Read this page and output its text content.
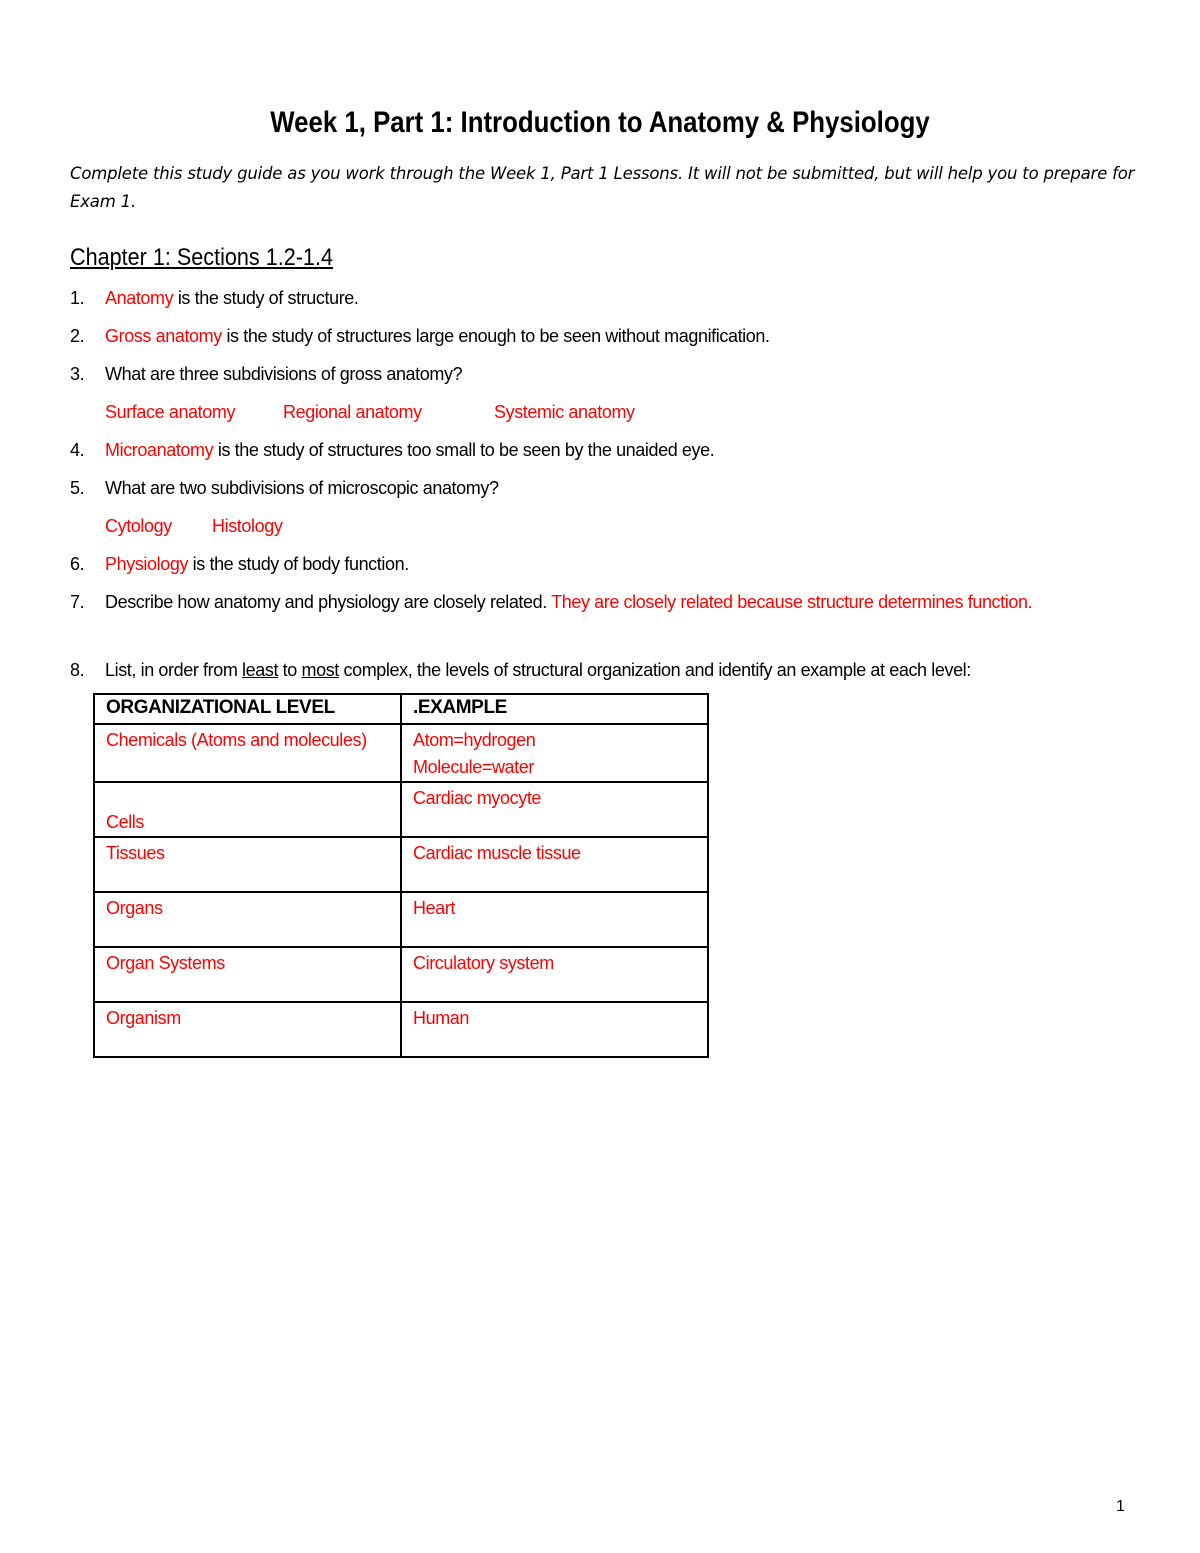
Week 1, Part 1: Introduction to Anatomy & Physiology
Complete this study guide as you work through the Week 1, Part 1 Lessons. It will not be submitted, but will help you to prepare for Exam 1.
Chapter 1: Sections 1.2-1.4
1. Anatomy is the study of structure.
2. Gross anatomy is the study of structures large enough to be seen without magnification.
3. What are three subdivisions of gross anatomy?
Surface anatomy	Regional anatomy	Systemic anatomy
4. Microanatomy is the study of structures too small to be seen by the unaided eye.
5. What are two subdivisions of microscopic anatomy?
Cytology Histology
6. Physiology is the study of body function.
7. Describe how anatomy and physiology are closely related. They are closely related because structure determines function.
8. List, in order from least to most complex, the levels of structural organization and identify an example at each level:
ORGANIZATIONAL LEVEL	.EXAMPLE
Chemicals (Atoms and molecules)	Atom=hydrogen
Molecule=water

Cells	Cardiac myocyte
Tissues	Cardiac muscle tissue
Organs	Heart
Organ Systems	Circulatory system
Organism	Human
1
